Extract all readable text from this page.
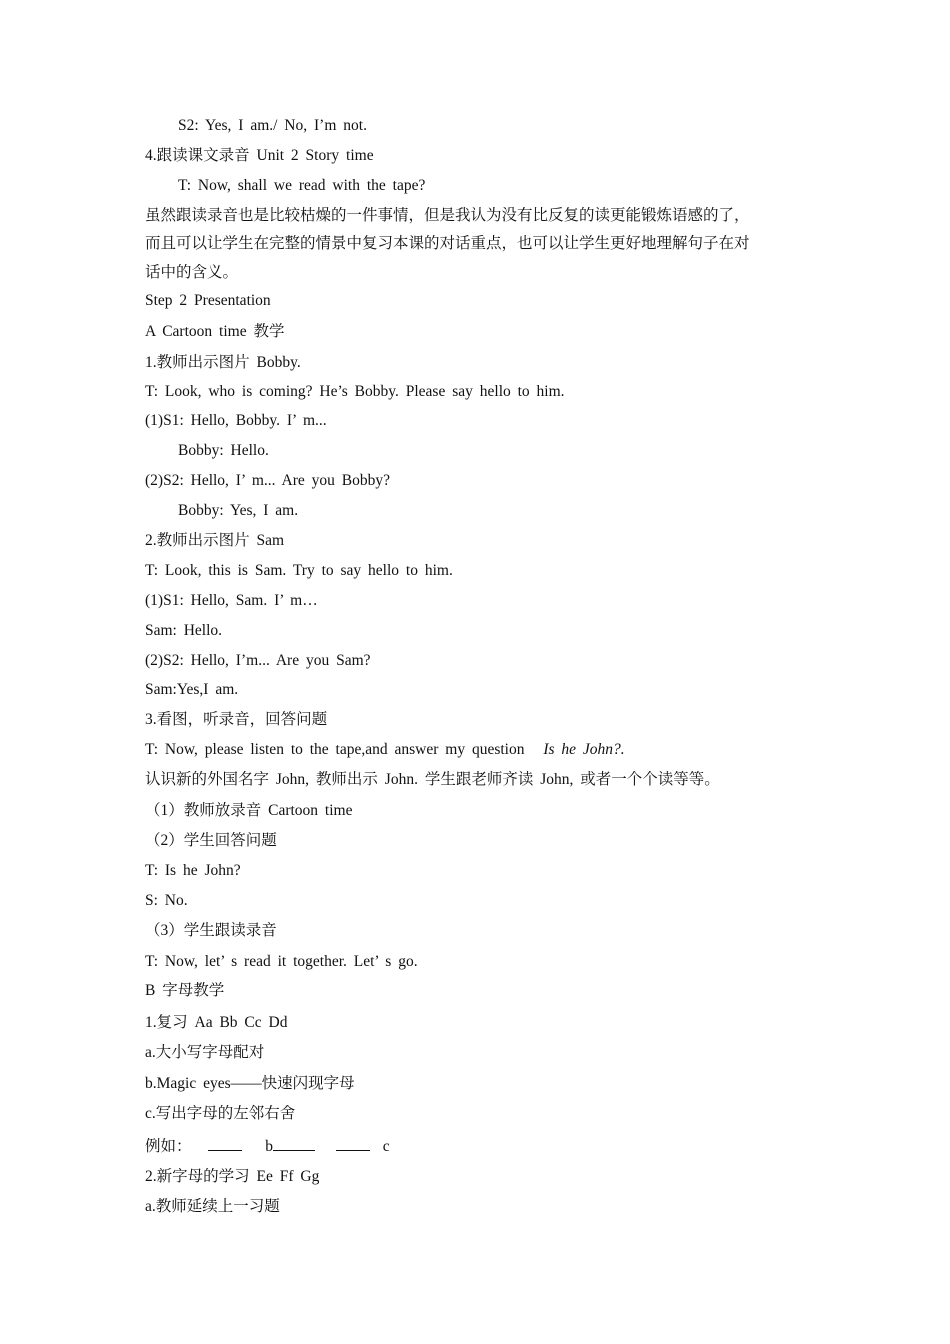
S2: Yes, I am./ No, I’m not.
4.跟读课文录音 Unit 2 Story time
T: Now, shall we read with the tape?
虽然跟读录音也是比较枯燥的一件事情，但是我认为没有比反复的读更能锻炼语感的了，
而且可以让学生在完整的情景中复习本课的对话重点，也可以让学生更好地理解句子在对
话中的含义。
Step 2 Presentation
A Cartoon time 教学
1.教师出示图片 Bobby.
T: Look, who is coming? He’s Bobby. Please say hello to him.
(1)S1: Hello, Bobby. I’ m...
Bobby: Hello.
(2)S2: Hello, I’ m... Are you Bobby?
Bobby: Yes, I am.
2.教师出示图片 Sam
T: Look, this is Sam. Try to say hello to him.
(1)S1: Hello, Sam. I’ m…
Sam: Hello.
(2)S2: Hello, I’m... Are you Sam?
Sam:Yes,I am.
3.看图，听录音，回答问题
T: Now, please listen to the tape,and answer my question Is he John?.
认识新的外国名字 John, 教师出示 John. 学生跟老师齐读 John, 或者一个个读等等。
（1）教师放录音 Cartoon time
（2）学生回答问题
T: Is he John?
S: No.
（3）学生跟读录音
T: Now, let’ s read it together. Let’ s go.
B 字母教学
1.复习 Aa Bb Cc Dd
a.大小写字母配对
b.Magic eyes——快速闪现字母
c.写出字母的左邻右舍
例如：	b	c
2.新字母的学习 Ee Ff Gg
a.教师延续上一习题
